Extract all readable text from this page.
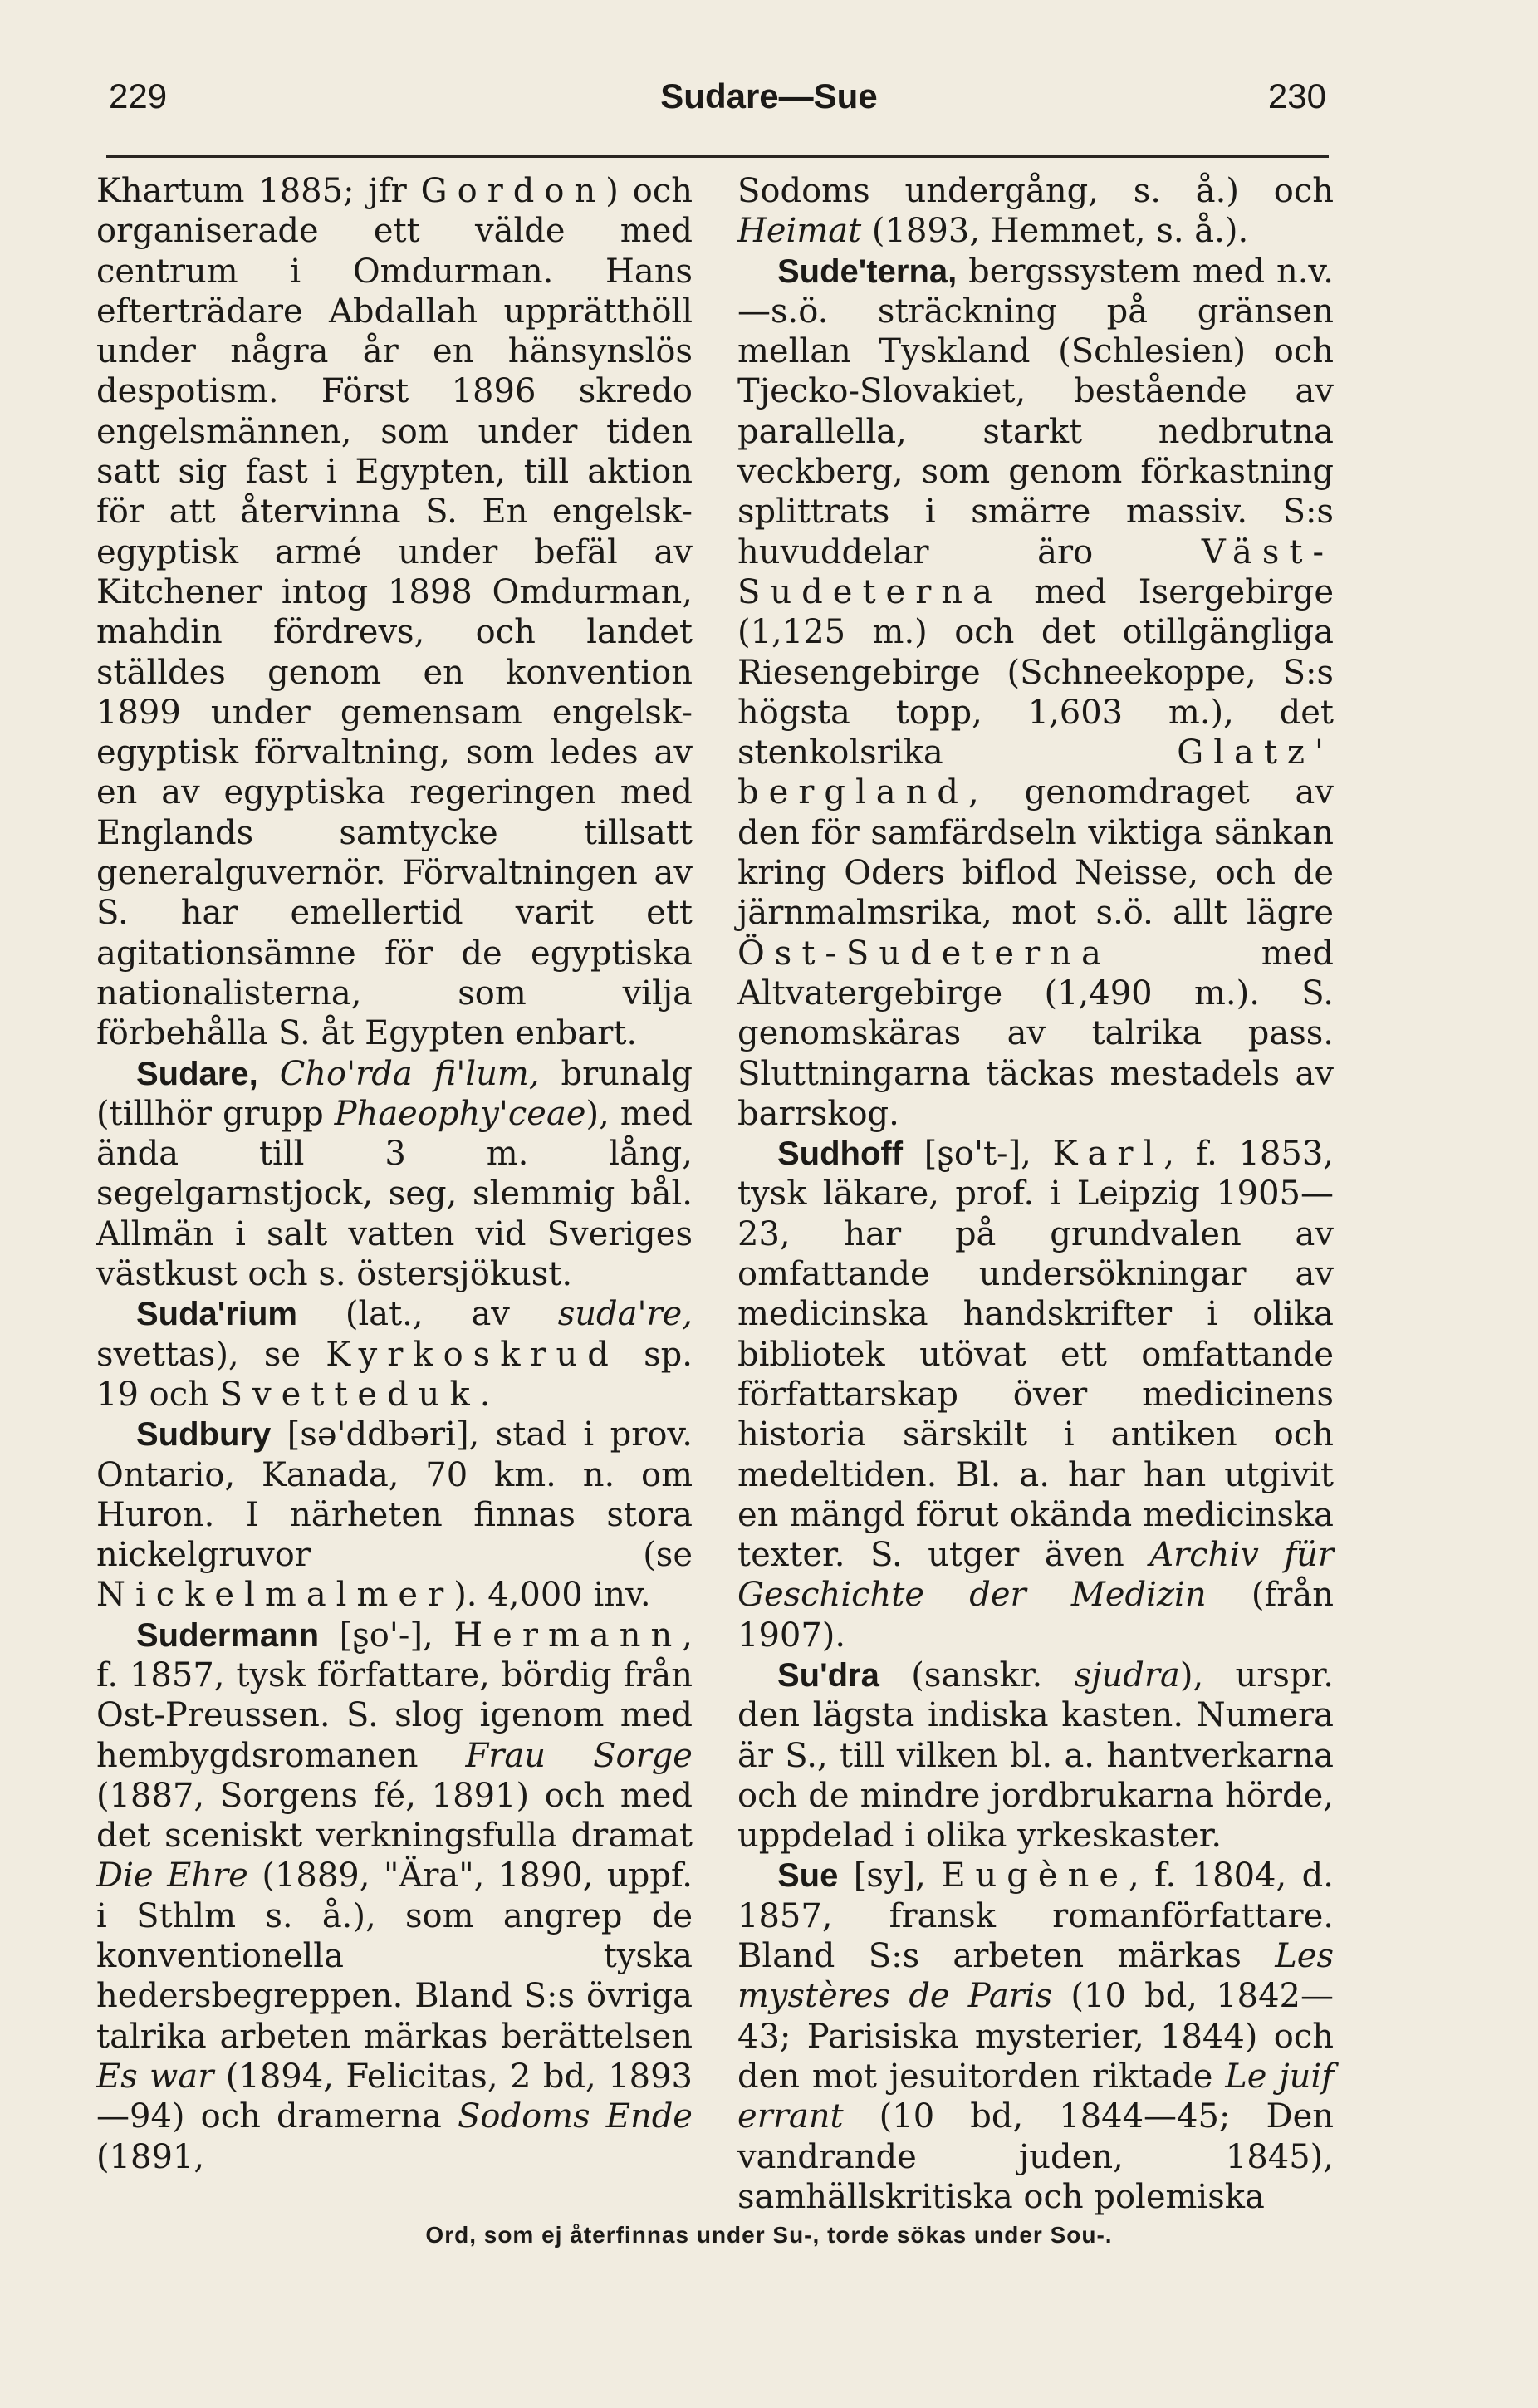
229	Sudare—Sue	230

Khartum 1885; jfr Gordon) och organiserade ett välde med centrum i Omdurman. Hans efterträdare Abdallah upprätthöll under några år en hänsynslös despotism. Först 1896 skredo engelsmännen, som under tiden satt sig fast i Egypten, till aktion för att återvinna S. En engelsk-egyptisk armé under befäl av Kitchener intog 1898 Omdurman, mahdin fördrevs, och landet ställdes genom en konvention 1899 under gemensam engelsk-egyptisk förvaltning, som ledes av en av egyptiska regeringen med Englands samtycke tillsatt generalguvernör. Förvaltningen av S. har emellertid varit ett agitationsämne för de egyptiska nationalisterna, som vilja förbehålla S. åt Egypten enbart.

Sudare, Cho'rda fi'lum, brunalg (tillhör grupp Phaeophy'ceae), med ända till 3 m. lång, segelgarnstjock, seg, slemmig bål. Allmän i salt vatten vid Sveriges västkust och s. östersjökust.

Suda'rium (lat., av suda're, svettas), se Kyrkoskrud sp. 19 och Svetteduk.

Sudbury [sə'ddbəri], stad i prov. Ontario, Kanada, 70 km. n. om Huron. I närheten finnas stora nickelgruvor (se Nickelmalmer). 4,000 inv.

Sudermann [ʂo'-], Hermann, f. 1857, tysk författare, bördig från Ost-Preussen. S. slog igenom med hembygdsromanen Frau Sorge (1887, Sorgens fé, 1891) och med det sceniskt verkningsfulla dramat Die Ehre (1889, "Ära", 1890, uppf. i Sthlm s. å.), som angrep de konventionella tyska hedersbegreppen. Bland S:s övriga talrika arbeten märkas berättelsen Es war (1894, Felicitas, 2 bd, 1893—94) och dramerna Sodoms Ende (1891,

Sodoms undergång, s. å.) och Heimat (1893, Hemmet, s. å.).

Sude'terna, bergssystem med n.v.—s.ö. sträckning på gränsen mellan Tyskland (Schlesien) och Tjecko-Slovakiet, bestående av parallella, starkt nedbrutna veckberg, som genom förkastning splittrats i smärre massiv. S:s huvuddelar äro Väst-Sudeterna med Isergebirge (1,125 m.) och det otillgängliga Riesengebirge (Schneekoppe, S:s högsta topp, 1,603 m.), det stenkolsrika Glatz' bergland, genomdraget av den för samfärdseln viktiga sänkan kring Oders biflod Neisse, och de järnmalmsrika, mot s.ö. allt lägre Öst-Sudeterna med Altvatergebirge (1,490 m.). S. genomskäras av talrika pass. Sluttningarna täckas mestadels av barrskog.

Sudhoff [ʂo't-], Karl, f. 1853, tysk läkare, prof. i Leipzig 1905—23, har på grundvalen av omfattande undersökningar av medicinska handskrifter i olika bibliotek utövat ett omfattande författarskap över medicinens historia särskilt i antiken och medeltiden. Bl. a. har han utgivit en mängd förut okända medicinska texter. S. utger även Archiv für Geschichte der Medizin (från 1907).

Su'dra (sanskr. sjudra), urspr. den lägsta indiska kasten. Numera är S., till vilken bl. a. hantverkarna och de mindre jordbrukarna hörde, uppdelad i olika yrkeskaster.

Sue [sy], Eugène, f. 1804, d. 1857, fransk romanförfattare. Bland S:s arbeten märkas Les mystères de Paris (10 bd, 1842—43; Parisiska mysterier, 1844) och den mot jesuitorden riktade Le juif errant (10 bd, 1844—45; Den vandrande juden, 1845), samhällskritiska och polemiska

Ord, som ej återfinnas under Su-, torde sökas under Sou-.
